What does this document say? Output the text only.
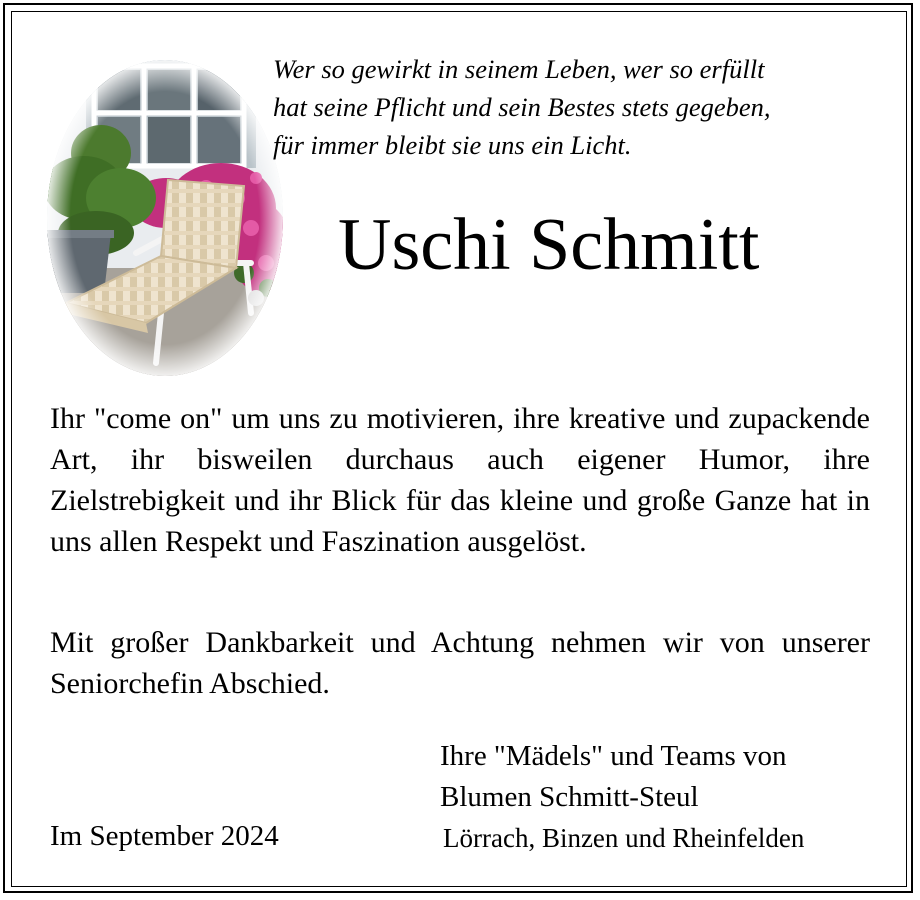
Wer so gewirkt in seinem Leben, wer so erfüllt
hat seine Pflicht und sein Bestes stets gegeben,
für immer bleibt sie uns ein Licht.
Uschi Schmitt

Ihr "come on" um uns zu motivieren, ihre kreative und zupackende Art, ihr bisweilen durchaus auch eigener Humor, ihre Zielstrebigkeit und ihr Blick für das kleine und große Ganze hat in uns allen Respekt und Faszination ausgelöst.

Mit großer Dankbarkeit und Achtung nehmen wir von unserer Seniorchefin Abschied.

Ihre "Mädels" und Teams von
Blumen Schmitt-Steul
Lörrach, Binzen und Rheinfelden
Im September 2024
